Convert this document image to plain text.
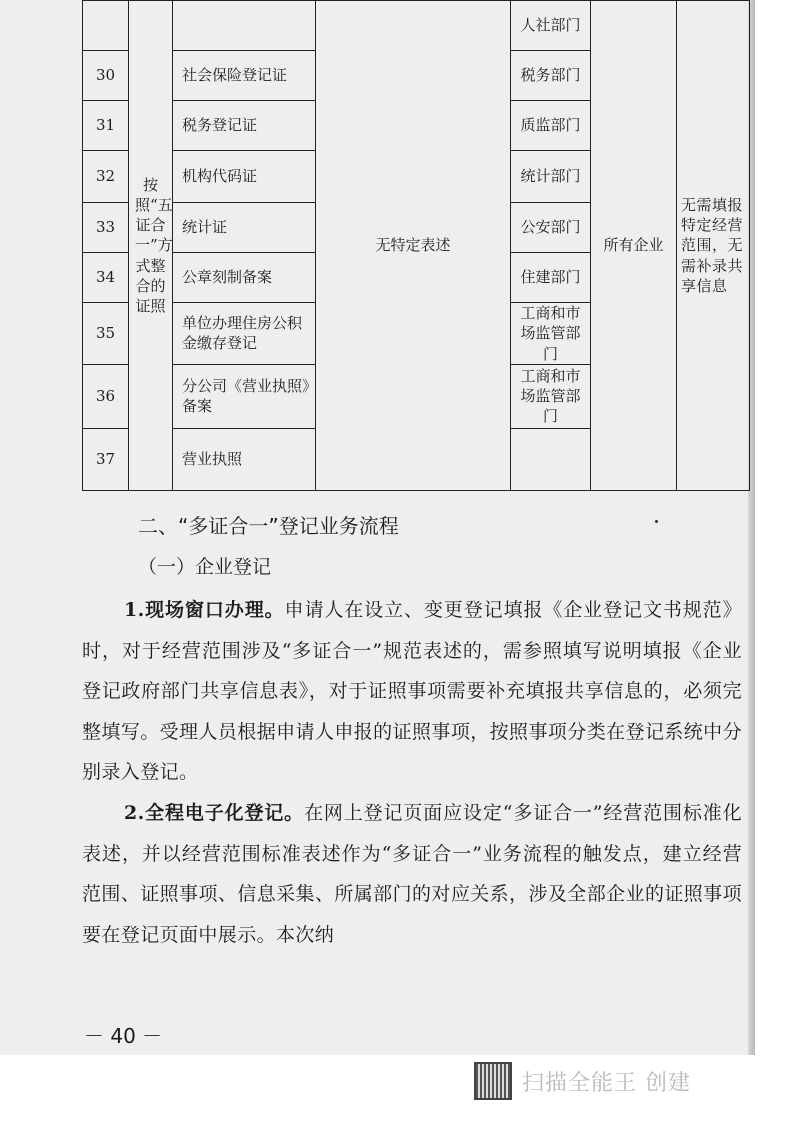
	按照“五证合一”方式整合的证照		无特定表述	人社部门	所有企业	无需填报特定经营范围，无需补录共享信息
30		社会保险登记证		税务部门		
31		税务登记证		质监部门		
32		机构代码证		统计部门		
33		统计证		公安部门		
34		公章刻制备案		住建部门		
35		单位办理住房公积金缴存登记		工商和市场监管部门		
36		分公司《营业执照》备案		工商和市场监管部门		
37		营业执照				
二、“多证合一”登记业务流程
（一）企业登记
1.现场窗口办理。申请人在设立、变更登记填报《企业登记文书规范》时，对于经营范围涉及“多证合一”规范表述的，需参照填写说明填报《企业登记政府部门共享信息表》，对于证照事项需要补充填报共享信息的，必须完整填写。受理人员根据申请人申报的证照事项，按照事项分类在登记系统中分别录入登记。
2.全程电子化登记。在网上登记页面应设定“多证合一”经营范围标准化表述，并以经营范围标准表述作为“多证合一”业务流程的触发点，建立经营范围、证照事项、信息采集、所属部门的对应关系，涉及全部企业的证照事项要在登记页面中展示。本次纳
－ 40 －
扫描全能王 创建
